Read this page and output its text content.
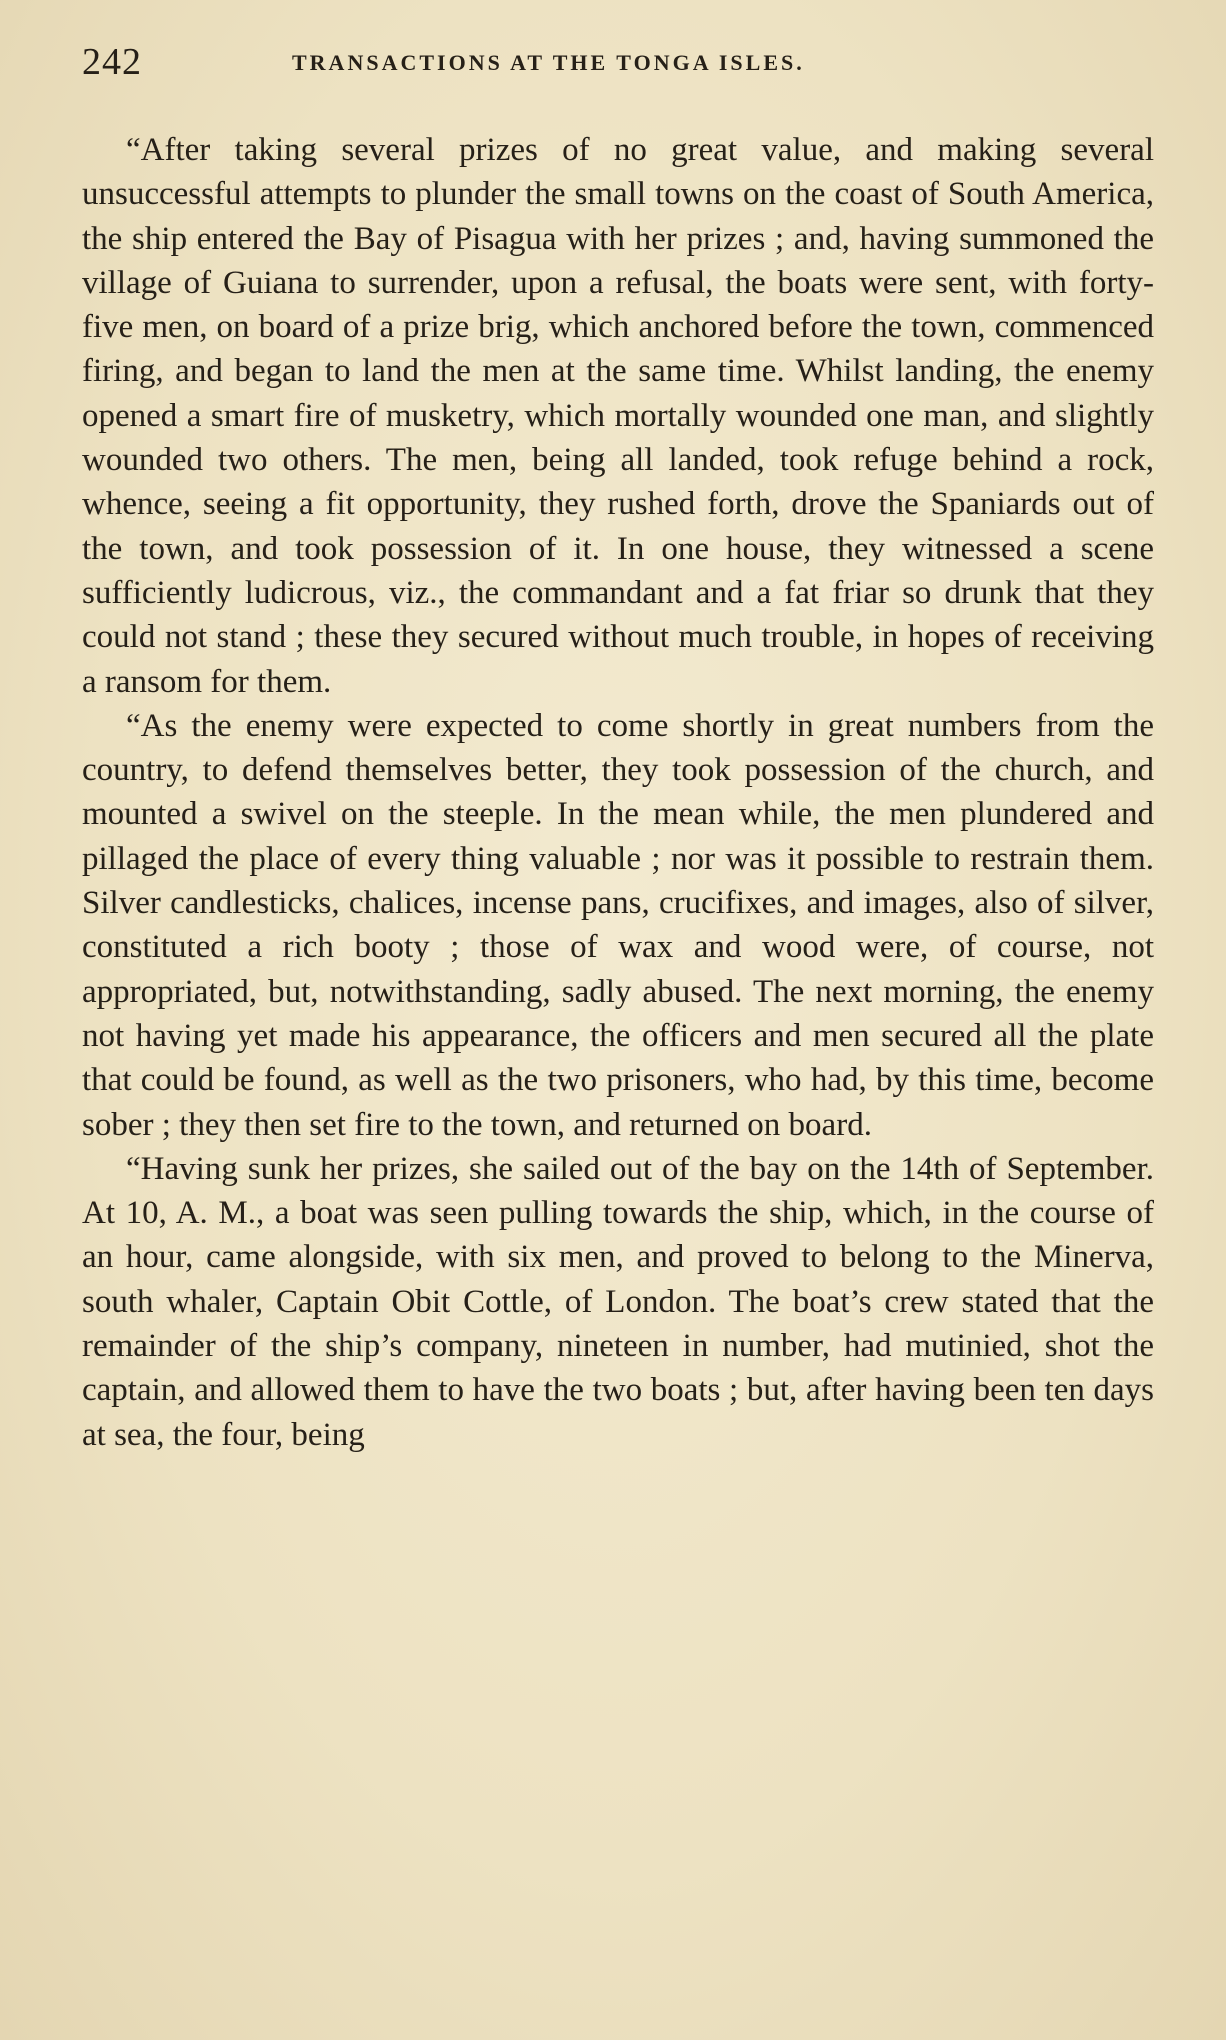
242	TRANSACTIONS AT THE TONGA ISLES.

“After taking several prizes of no great value, and making several unsuccessful attempts to plunder the small towns on the coast of South America, the ship entered the Bay of Pisagua with her prizes ; and, having summoned the village of Guiana to surrender, upon a refusal, the boats were sent, with forty-five men, on board of a prize brig, which anchored before the town, commenced firing, and began to land the men at the same time. Whilst landing, the enemy opened a smart fire of musketry, which mortally wounded one man, and slightly wounded two others. The men, being all landed, took refuge behind a rock, whence, seeing a fit opportunity, they rushed forth, drove the Spaniards out of the town, and took possession of it. In one house, they witnessed a scene sufficiently ludicrous, viz., the commandant and a fat friar so drunk that they could not stand ; these they secured without much trouble, in hopes of receiving a ransom for them.

“As the enemy were expected to come shortly in great numbers from the country, to defend themselves better, they took possession of the church, and mounted a swivel on the steeple. In the mean while, the men plundered and pillaged the place of every thing valuable ; nor was it possible to restrain them. Silver candlesticks, chalices, incense pans, crucifixes, and images, also of silver, constituted a rich booty ; those of wax and wood were, of course, not appropriated, but, notwithstanding, sadly abused. The next morning, the enemy not having yet made his appearance, the officers and men secured all the plate that could be found, as well as the two prisoners, who had, by this time, become sober ; they then set fire to the town, and returned on board.

“Having sunk her prizes, she sailed out of the bay on the 14th of September. At 10, A. M., a boat was seen pulling towards the ship, which, in the course of an hour, came alongside, with six men, and proved to belong to the Minerva, south whaler, Captain Obit Cottle, of London. The boat’s crew stated that the remainder of the ship’s company, nineteen in number, had mutinied, shot the captain, and allowed them to have the two boats ; but, after having been ten days at sea, the four, being
